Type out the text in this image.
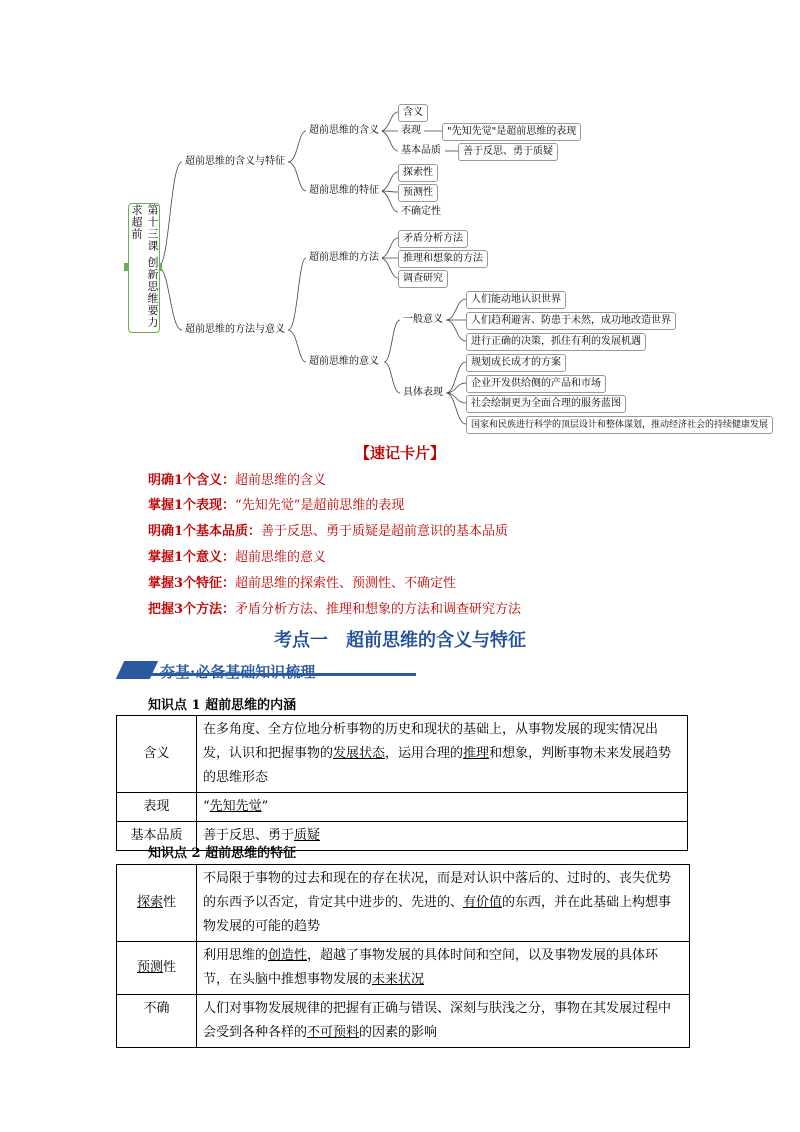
第十三课 创新思维要力求超前
超前思维的含义与特征
超前思维的方法与意义
超前思维的含义
超前思维的特征
超前思维的方法
超前思维的意义
含义
表现
基本品质
"先知先觉"是超前思维的表现
善于反思、勇于质疑
探索性
预测性
不确定性
矛盾分析方法
推理和想象的方法
调查研究
一般意义
具体表现
人们能动地认识世界
人们趋利避害、防患于未然，成功地改造世界
进行正确的决策，抓住有利的发展机遇
规划成长成才的方案
企业开发供给侧的产品和市场
社会绘制更为全面合理的服务蓝图
国家和民族进行科学的顶层设计和整体谋划，推动经济社会的持续健康发展
【速记卡片】
明确1个含义：超前思维的含义
掌握1个表现：“先知先觉”是超前思维的表现
明确1个基本品质：善于反思、勇于质疑是超前意识的基本品质
掌握1个意义：超前思维的意义
掌握3个特征：超前思维的探索性、预测性、不确定性
把握3个方法：矛盾分析方法、推理和想象的方法和调查研究方法
考点一　超前思维的含义与特征
夯基·必备基础知识梳理
知识点 1 超前思维的内涵
含义	在多角度、全方位地分析事物的历史和现状的基础上，从事物发展的现实情况出发，认识和把握事物的发展状态，运用合理的推理和想象，判断事物未来发展趋势的思维形态
表现	“先知先觉”
基本品质	善于反思、勇于质疑
知识点 2 超前思维的特征
探索性	不局限于事物的过去和现在的存在状况，而是对认识中落后的、过时的、丧失优势的东西予以否定，肯定其中进步的、先进的、有价值的东西，并在此基础上构想事物发展的可能的趋势
预测性	利用思维的创造性，超越了事物发展的具体时间和空间，以及事物发展的具体环节，在头脑中推想事物发展的未来状况
不确	人们对事物发展规律的把握有正确与错误、深刻与肤浅之分，事物在其发展过程中会受到各种各样的不可预料的因素的影响
